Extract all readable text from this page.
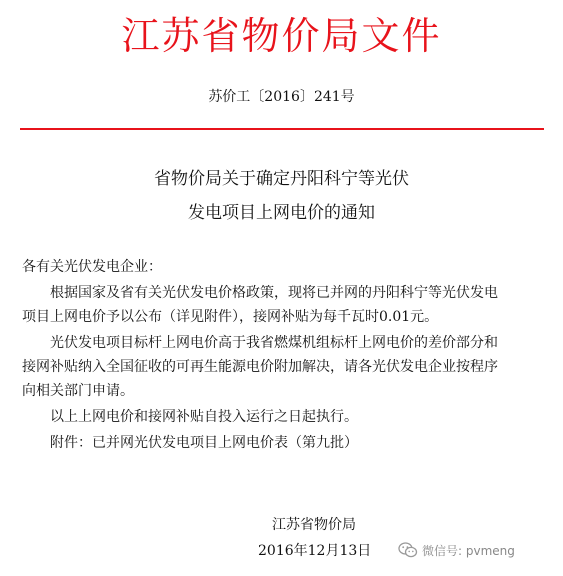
江苏省物价局文件
苏价工〔2016〕241号
省物价局关于确定丹阳科宁等光伏
发电项目上网电价的通知
各有关光伏发电企业：
根据国家及省有关光伏发电价格政策，现将已并网的丹阳科宁等光伏发电
项目上网电价予以公布（详见附件），接网补贴为每千瓦时0.01元。
光伏发电项目标杆上网电价高于我省燃煤机组标杆上网电价的差价部分和
接网补贴纳入全国征收的可再生能源电价附加解决，请各光伏发电企业按程序
向相关部门申请。
以上上网电价和接网补贴自投入运行之日起执行。
附件：已并网光伏发电项目上网电价表（第九批）
江苏省物价局
2016年12月13日	微信号: pvmeng
